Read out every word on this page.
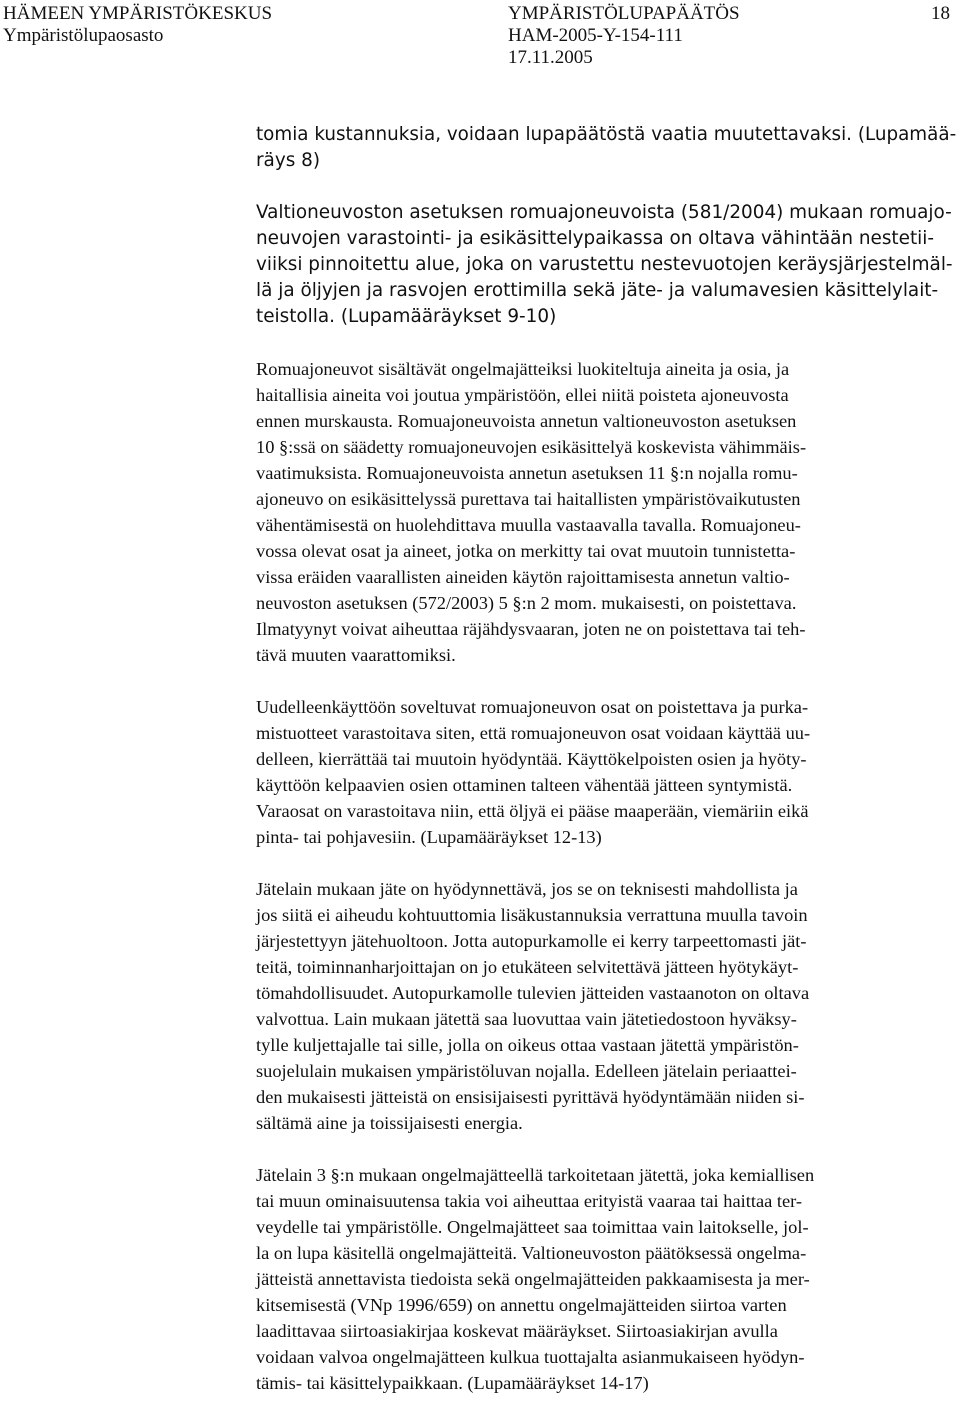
HÄMEEN YMPÄRISTÖKESKUS
Ympäristölupaosasto
YMPÄRISTÖLUPAPÄÄTÖS
HAM-2005-Y-154-111
17.11.2005
18
tomia kustannuksia, voidaan lupapäätöstä vaatia muutettavaksi. (Lupamää-
räys 8)
Valtioneuvoston asetuksen romuajoneuvoista (581/2004) mukaan romuajo-
neuvojen varastointi- ja esikäsittelypaikassa on oltava vähintään nestetii-
viiksi pinnoitettu alue, joka on varustettu nestevuotojen keräysjärjestelmäl-
lä ja öljyjen ja rasvojen erottimilla sekä jäte- ja valumavesien käsittelylait-
teistolla. (Lupamääräykset 9-10)
Romuajoneuvot sisältävät ongelmajätteiksi luokiteltuja aineita ja osia, ja
haitallisia aineita voi joutua ympäristöön, ellei niitä poisteta ajoneuvosta
ennen murskausta. Romuajoneuvoista annetun valtioneuvoston asetuksen
10 §:ssä on säädetty romuajoneuvojen esikäsittelyä koskevista vähimmäis-
vaatimuksista. Romuajoneuvoista annetun asetuksen 11 §:n nojalla romu-
ajoneuvo on esikäsittelyssä purettava tai haitallisten ympäristövaikutusten
vähentämisestä on huolehdittava muulla vastaavalla tavalla. Romuajoneu-
vossa olevat osat ja aineet, jotka on merkitty tai ovat muutoin tunnistetta-
vissa eräiden vaarallisten aineiden käytön rajoittamisesta annetun valtio-
neuvoston asetuksen (572/2003) 5 §:n 2 mom. mukaisesti, on poistettava.
Ilmatyynyt voivat aiheuttaa räjähdysvaaran, joten ne on poistettava tai teh-
tävä muuten vaarattomiksi.
Uudelleenkäyttöön soveltuvat romuajoneuvon osat on poistettava ja purka-
mistuotteet varastoitava siten, että romuajoneuvon osat voidaan käyttää uu-
delleen, kierrättää tai muutoin hyödyntää. Käyttökelpoisten osien ja hyöty-
käyttöön kelpaavien osien ottaminen talteen vähentää jätteen syntymistä.
Varaosat on varastoitava niin, että öljyä ei pääse maaperään, viemäriin eikä
pinta- tai pohjavesiin. (Lupamääräykset 12-13)
Jätelain mukaan jäte on hyödynnettävä, jos se on teknisesti mahdollista ja
jos siitä ei aiheudu kohtuuttomia lisäkustannuksia verrattuna muulla tavoin
järjestettyyn jätehuoltoon. Jotta autopurkamolle ei kerry tarpeettomasti jät-
teitä, toiminnanharjoittajan on jo etukäteen selvitettävä jätteen hyötykäyt-
tömahdollisuudet. Autopurkamolle tulevien jätteiden vastaanoton on oltava
valvottua. Lain mukaan jätettä saa luovuttaa vain jätetiedostoon hyväksy-
tylle kuljettajalle tai sille, jolla on oikeus ottaa vastaan jätettä ympäristön-
suojelulain mukaisen ympäristöluvan nojalla. Edelleen jätelain periaattei-
den mukaisesti jätteistä on ensisijaisesti pyrittävä hyödyntämään niiden si-
sältämä aine ja toissijaisesti energia.
Jätelain 3 §:n mukaan ongelmajätteellä tarkoitetaan jätettä, joka kemiallisen
tai muun ominaisuutensa takia voi aiheuttaa erityistä vaaraa tai haittaa ter-
veydelle tai ympäristölle. Ongelmajätteet saa toimittaa vain laitokselle, jol-
la on lupa käsitellä ongelmajätteitä. Valtioneuvoston päätöksessä ongelma-
jätteistä annettavista tiedoista sekä ongelmajätteiden pakkaamisesta ja mer-
kitsemisestä (VNp 1996/659) on annettu ongelmajätteiden siirtoa varten
laadittavaa siirtoasiakirjaa koskevat määräykset. Siirtoasiakirjan avulla
voidaan valvoa ongelmajätteen kulkua tuottajalta asianmukaiseen hyödyn-
tämis- tai käsittelypaikkaan. (Lupamääräykset 14-17)
